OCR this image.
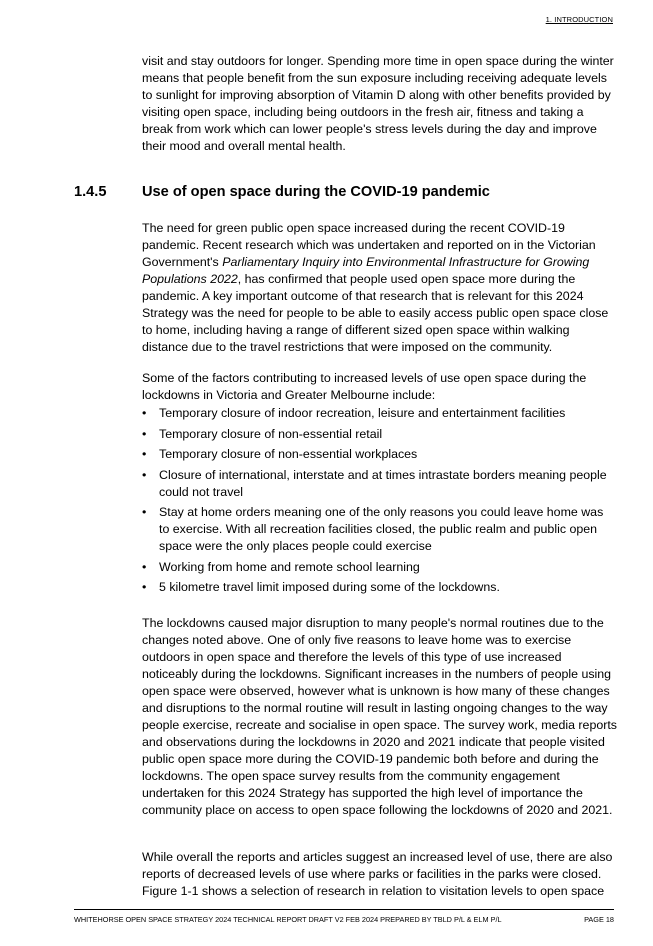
1. INTRODUCTION

visit and stay outdoors for longer. Spending more time in open space during the winter means that people benefit from the sun exposure including receiving adequate levels to sunlight for improving absorption of Vitamin D along with other benefits provided by visiting open space, including being outdoors in the fresh air, fitness and taking a break from work which can lower people's stress levels during the day and improve their mood and overall mental health.

1.4.5 Use of open space during the COVID-19 pandemic

The need for green public open space increased during the recent COVID-19 pandemic. Recent research which was undertaken and reported on in the Victorian Government's Parliamentary Inquiry into Environmental Infrastructure for Growing Populations 2022, has confirmed that people used open space more during the pandemic. A key important outcome of that research that is relevant for this 2024 Strategy was the need for people to be able to easily access public open space close to home, including having a range of different sized open space within walking distance due to the travel restrictions that were imposed on the community.

Some of the factors contributing to increased levels of use open space during the lockdowns in Victoria and Greater Melbourne include:

• Temporary closure of indoor recreation, leisure and entertainment facilities
• Temporary closure of non-essential retail
• Temporary closure of non-essential workplaces
• Closure of international, interstate and at times intrastate borders meaning people could not travel
• Stay at home orders meaning one of the only reasons you could leave home was to exercise. With all recreation facilities closed, the public realm and public open space were the only places people could exercise
• Working from home and remote school learning
• 5 kilometre travel limit imposed during some of the lockdowns.

The lockdowns caused major disruption to many people's normal routines due to the changes noted above. One of only five reasons to leave home was to exercise outdoors in open space and therefore the levels of this type of use increased noticeably during the lockdowns. Significant increases in the numbers of people using open space were observed, however what is unknown is how many of these changes and disruptions to the normal routine will result in lasting ongoing changes to the way people exercise, recreate and socialise in open space. The survey work, media reports and observations during the lockdowns in 2020 and 2021 indicate that people visited public open space more during the COVID-19 pandemic both before and during the lockdowns. The open space survey results from the community engagement undertaken for this 2024 Strategy has supported the high level of importance the community place on access to open space following the lockdowns of 2020 and 2021.

While overall the reports and articles suggest an increased level of use, there are also reports of decreased levels of use where parks or facilities in the parks were closed. Figure 1-1 shows a selection of research in relation to visitation levels to open space

WHITEHORSE OPEN SPACE STRATEGY 2024 TECHNICAL REPORT DRAFT V2 FEB 2024 PREPARED BY TBLD P/L & ELM P/L	PAGE 18
